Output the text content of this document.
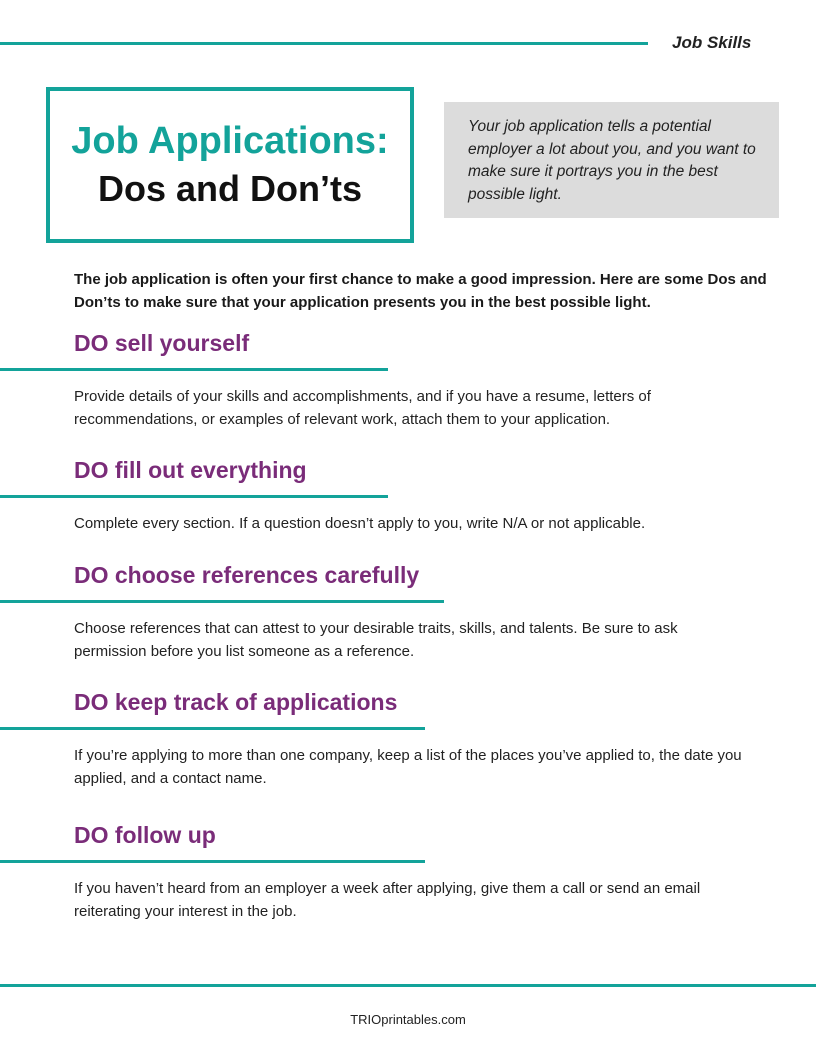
Job Skills
Job Applications:
Dos and Don’ts
Your job application tells a potential employer a lot about you, and you want to make sure it portrays you in the best possible light.
The job application is often your first chance to make a good impression. Here are some Dos and Don’ts to make sure that your application presents you in the best possible light.
DO sell yourself
Provide details of your skills and accomplishments, and if you have a resume, letters of recommendations, or examples of relevant work, attach them to your application.
DO fill out everything
Complete every section. If a question doesn’t apply to you, write N/A or not applicable.
DO choose references carefully
Choose references that can attest to your desirable traits, skills, and talents. Be sure to ask permission before you list someone as a reference.
DO keep track of applications
If you’re applying to more than one company, keep a list of the places you’ve applied to, the date you applied, and a contact name.
DO follow up
If you haven’t heard from an employer a week after applying, give them a call or send an email reiterating your interest in the job.
TRIOprintables.com
